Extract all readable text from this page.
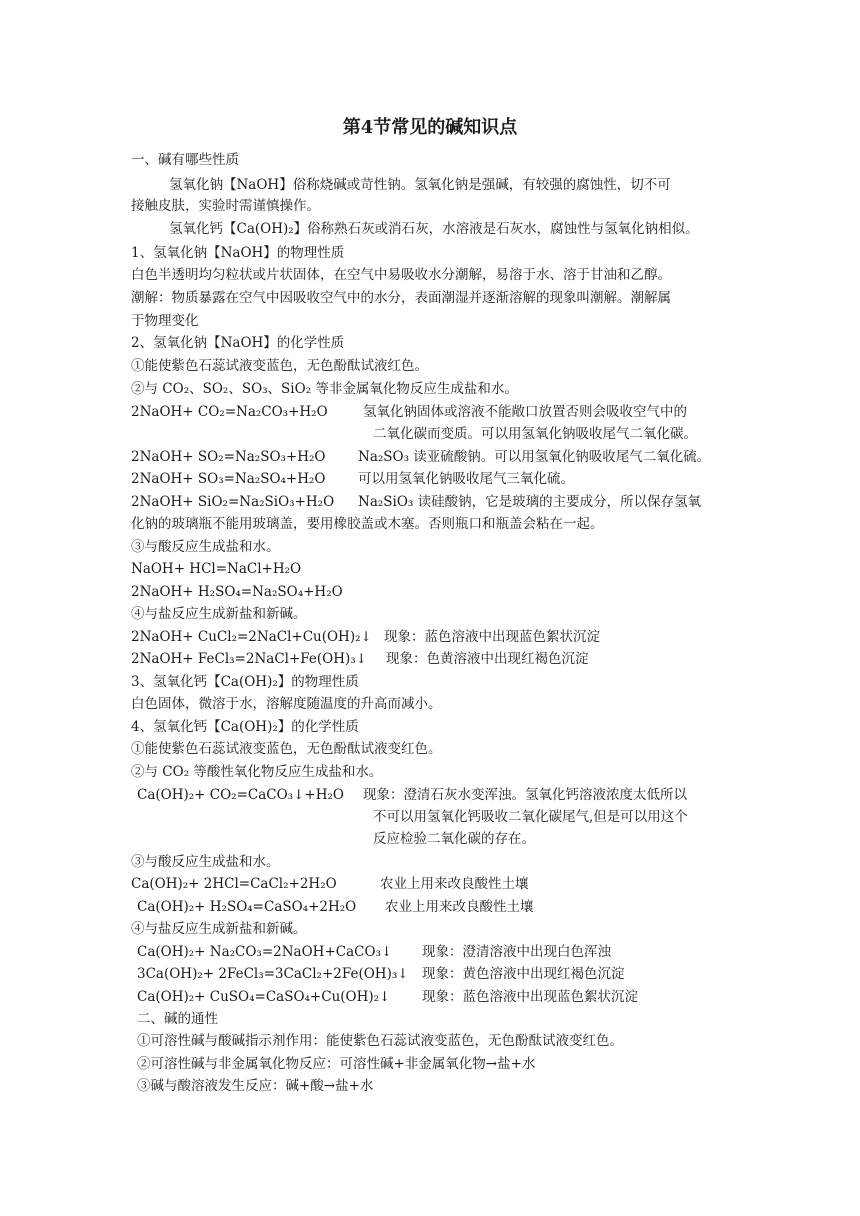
第4节常见的碱知识点
一、碱有哪些性质
氢氧化钠【NaOH】俗称烧碱或苛性钠。氢氧化钠是强碱，有较强的腐蚀性，切不可
接触皮肤，实验时需谨慎操作。
氢氧化钙【Ca(OH)₂】俗称熟石灰或消石灰，水溶液是石灰水，腐蚀性与氢氧化钠相似。
1、氢氧化钠【NaOH】的物理性质
白色半透明均匀粒状或片状固体，在空气中易吸收水分潮解，易溶于水、溶于甘油和乙醇。
潮解：物质暴露在空气中因吸收空气中的水分，表面潮湿并逐渐溶解的现象叫潮解。潮解属
于物理变化
2、氢氧化钠【NaOH】的化学性质
①能使紫色石蕊试液变蓝色，无色酚酞试液红色。
②与 CO₂、SO₂、SO₃、SiO₂ 等非金属氧化物反应生成盐和水。
2NaOH+ CO₂=Na₂CO₃+H₂O	氢氧化钠固体或溶液不能敞口放置否则会吸收空气中的
二氧化碳而变质。可以用氢氧化钠吸收尾气二氧化碳。
2NaOH+ SO₂=Na₂SO₃+H₂O Na₂SO₃ 读亚硫酸钠。可以用氢氧化钠吸收尾气二氧化硫。
2NaOH+ SO₃=Na₂SO₄+H₂O 可以用氢氧化钠吸收尾气三氧化硫。
2NaOH+ SiO₂=Na₂SiO₃+H₂O Na₂SiO₃ 读硅酸钠，它是玻璃的主要成分，所以保存氢氧
化钠的玻璃瓶不能用玻璃盖，要用橡胶盖或木塞。否则瓶口和瓶盖会粘在一起。
③与酸反应生成盐和水。
NaOH+ HCl=NaCl+H₂O
2NaOH+ H₂SO₄=Na₂SO₄+H₂O
④与盐反应生成新盐和新碱。
2NaOH+ CuCl₂=2NaCl+Cu(OH)₂↓ 现象：蓝色溶液中出现蓝色絮状沉淀
2NaOH+ FeCl₃=2NaCl+Fe(OH)₃↓ 现象：色黄溶液中出现红褐色沉淀
3、氢氧化钙【Ca(OH)₂】的物理性质
白色固体，微溶于水，溶解度随温度的升高而减小。
4、氢氧化钙【Ca(OH)₂】的化学性质
①能使紫色石蕊试液变蓝色，无色酚酞试液变红色。
②与 CO₂ 等酸性氧化物反应生成盐和水。
Ca(OH)₂+ CO₂=CaCO₃↓+H₂O 现象：澄清石灰水变浑浊。氢氧化钙溶液浓度太低所以
不可以用氢氧化钙吸收二氧化碳尾气,但是可以用这个
反应检验二氧化碳的存在。
③与酸反应生成盐和水。
Ca(OH)₂+ 2HCl=CaCl₂+2H₂O	农业上用来改良酸性土壤
Ca(OH)₂+ H₂SO₄=CaSO₄+2H₂O 农业上用来改良酸性土壤
④与盐反应生成新盐和新碱。
Ca(OH)₂+ Na₂CO₃=2NaOH+CaCO₃↓ 现象：澄清溶液中出现白色浑浊
3Ca(OH)₂+ 2FeCl₃=3CaCl₂+2Fe(OH)₃↓ 现象：黄色溶液中出现红褐色沉淀
Ca(OH)₂+ CuSO₄=CaSO₄+Cu(OH)₂↓ 现象：蓝色溶液中出现蓝色絮状沉淀
二、碱的通性
①可溶性碱与酸碱指示剂作用：能使紫色石蕊试液变蓝色，无色酚酞试液变红色。
②可溶性碱与非金属氧化物反应：可溶性碱+非金属氧化物→盐+水
③碱与酸溶液发生反应：碱+酸→盐+水
